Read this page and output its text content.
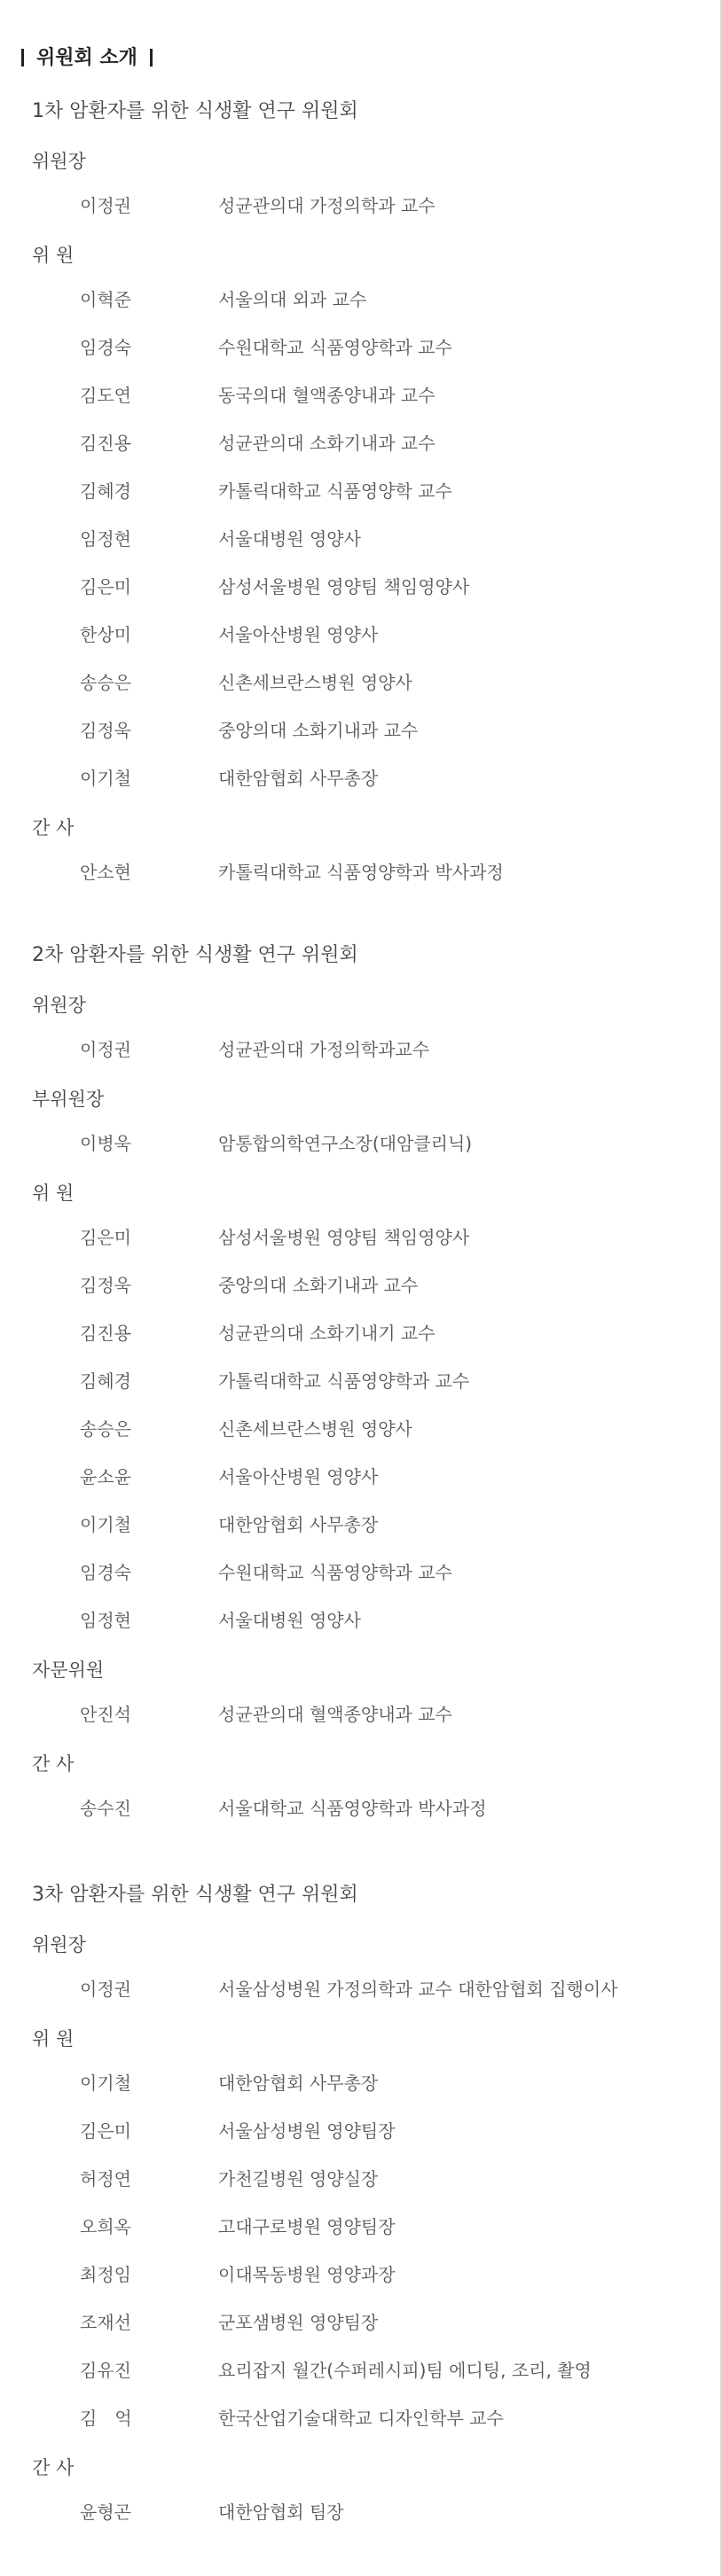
위원회 소개
1차 암환자를 위한 식생활 연구 위원회
위원장
이정권	성균관의대 가정의학과 교수
위 원
이혁준	서울의대 외과 교수
임경숙	수원대학교 식품영양학과 교수
김도연	동국의대 혈액종양내과 교수
김진용	성균관의대 소화기내과 교수
김혜경	카톨릭대학교 식품영양학 교수
임정현	서울대병원 영양사
김은미	삼성서울병원 영양팀 책임영양사
한상미	서울아산병원 영양사
송승은	신촌세브란스병원 영양사
김정욱	중앙의대 소화기내과 교수
이기철	대한암협회 사무총장
간 사
안소현	카톨릭대학교 식품영양학과 박사과정
2차 암환자를 위한 식생활 연구 위원회
위원장
이정권	성균관의대 가정의학과교수
부위원장
이병욱	암통합의학연구소장(대암클리닉)
위 원
김은미	삼성서울병원 영양팀 책임영양사
김정욱	중앙의대 소화기내과 교수
김진용	성균관의대 소화기내기 교수
김혜경	가톨릭대학교 식품영양학과 교수
송승은	신촌세브란스병원 영양사
윤소윤	서울아산병원 영양사
이기철	대한암협회 사무총장
임경숙	수원대학교 식품영양학과 교수
임정현	서울대병원 영양사
자문위원
안진석	성균관의대 혈액종양내과 교수
간 사
송수진	서울대학교 식품영양학과 박사과정
3차 암환자를 위한 식생활 연구 위원회
위원장
이정권	서울삼성병원 가정의학과 교수 대한암협회 집행이사
위 원
이기철	대한암협회 사무총장
김은미	서울삼성병원 영양팀장
허정연	가천길병원 영양실장
오희옥	고대구로병원 영양팀장
최정임	이대목동병원 영양과장
조재선	군포샘병원 영양팀장
김유진	요리잡지 월간(수퍼레시피)팀 에디팅, 조리, 촬영
김　억	한국산업기술대학교 디자인학부 교수
간 사
윤형곤	대한암협회 팀장
